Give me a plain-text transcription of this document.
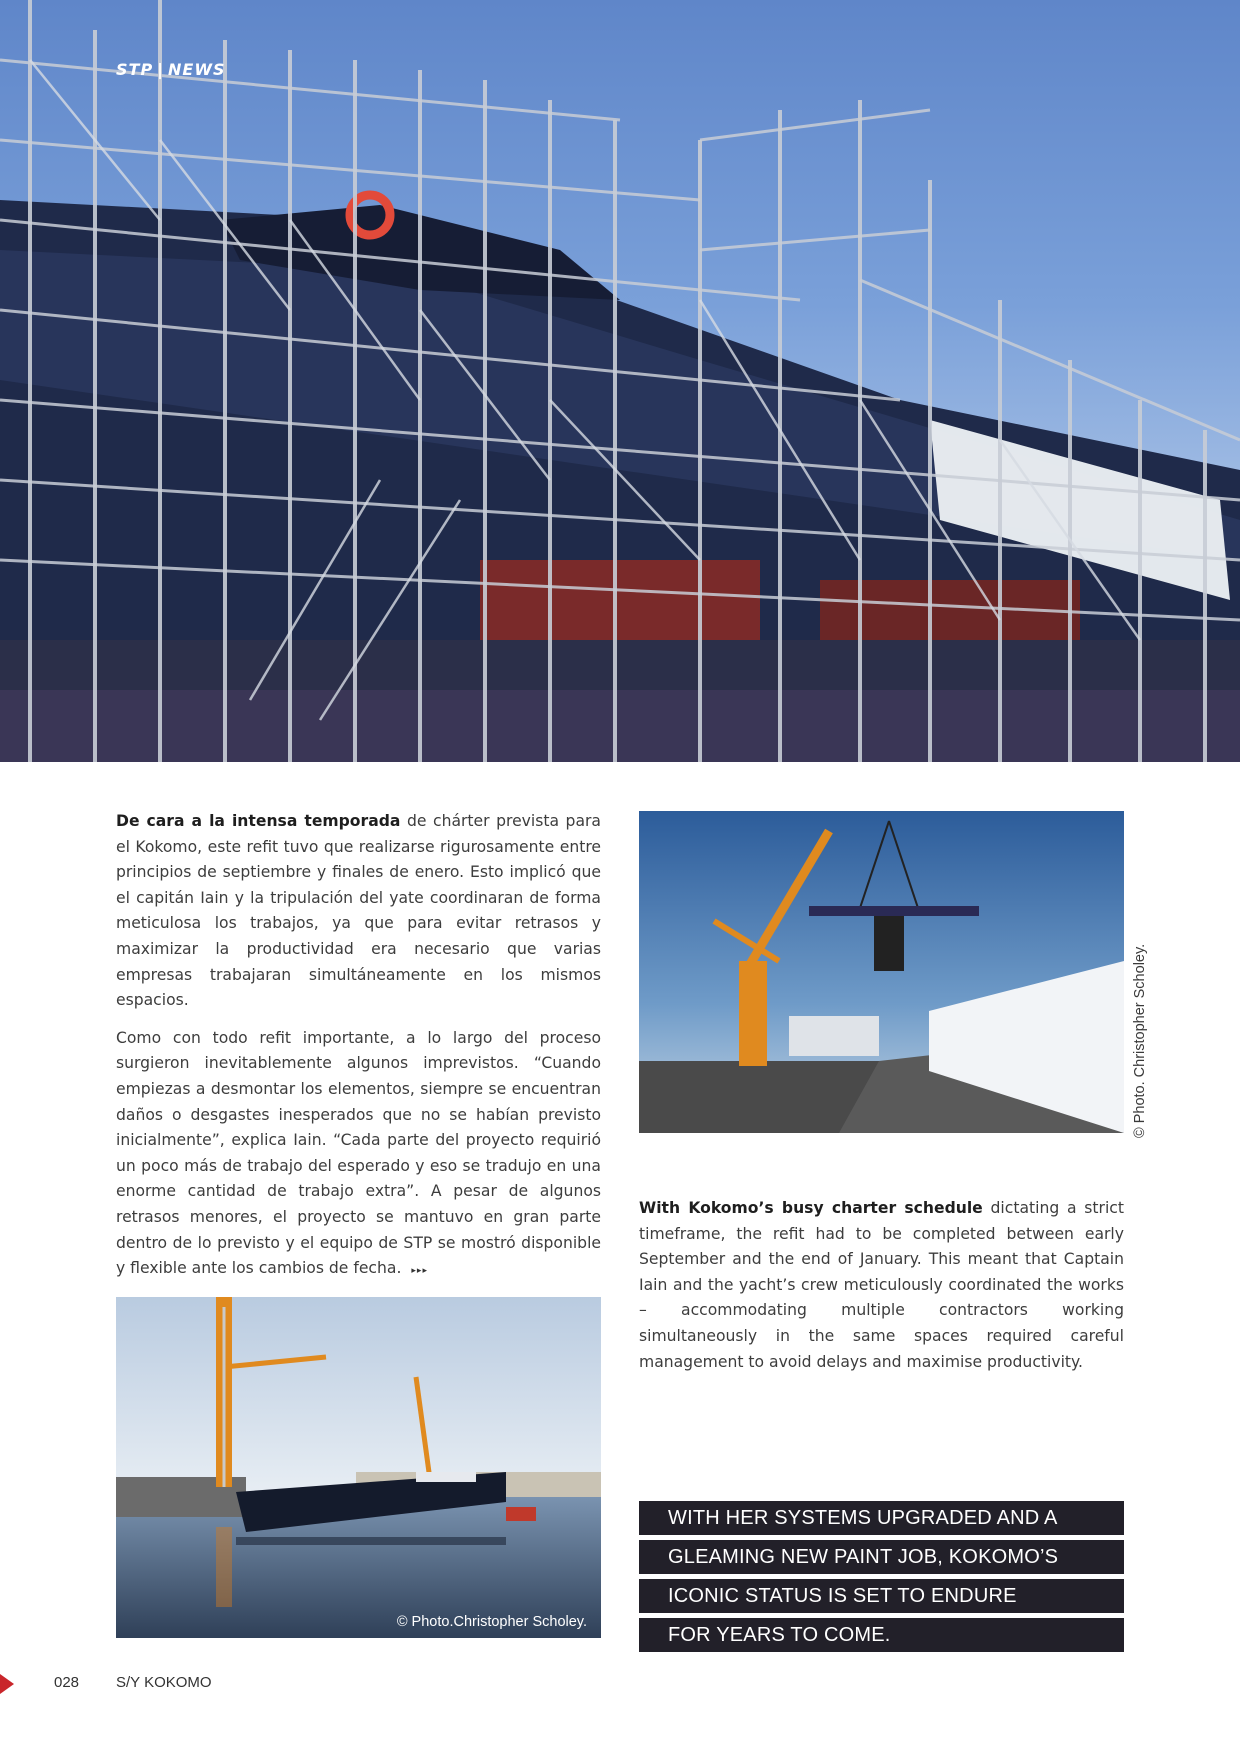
STP | NEWS

De cara a la intensa temporada de chárter prevista para el Kokomo, este refit tuvo que realizarse rigurosamente entre principios de septiembre y finales de enero. Esto implicó que el capitán Iain y la tripulación del yate coordinaran de forma meticulosa los trabajos, ya que para evitar retrasos y maximizar la productividad era necesario que varias empresas trabajaran simultáneamente en los mismos espacios.

Como con todo refit importante, a lo largo del proceso surgieron inevitablemente algunos imprevistos. “Cuando empiezas a desmontar los elementos, siempre se encuentran daños o desgastes inesperados que no se habían previsto inicialmente”, explica Iain. “Cada parte del proyecto requirió un poco más de trabajo del esperado y eso se tradujo en una enorme cantidad de trabajo extra”. A pesar de algunos retrasos menores, el proyecto se mantuvo en gran parte dentro de lo previsto y el equipo de STP se mostró disponible y flexible ante los cambios de fecha. ▸▸▸

© Photo. Christopher Scholey.

With Kokomo’s busy charter schedule dictating a strict timeframe, the refit had to be completed between early September and the end of January. This meant that Captain Iain and the yacht’s crew meticulously coordinated the works – accommodating multiple contractors working simultaneously in the same spaces required careful management to avoid delays and maximise productivity.

© Photo.Christopher Scholey.
WITH HER SYSTEMS UPGRADED AND A
GLEAMING NEW PAINT JOB, KOKOMO’S
ICONIC STATUS IS SET TO ENDURE
FOR YEARS TO COME.
028 S/Y KOKOMO
